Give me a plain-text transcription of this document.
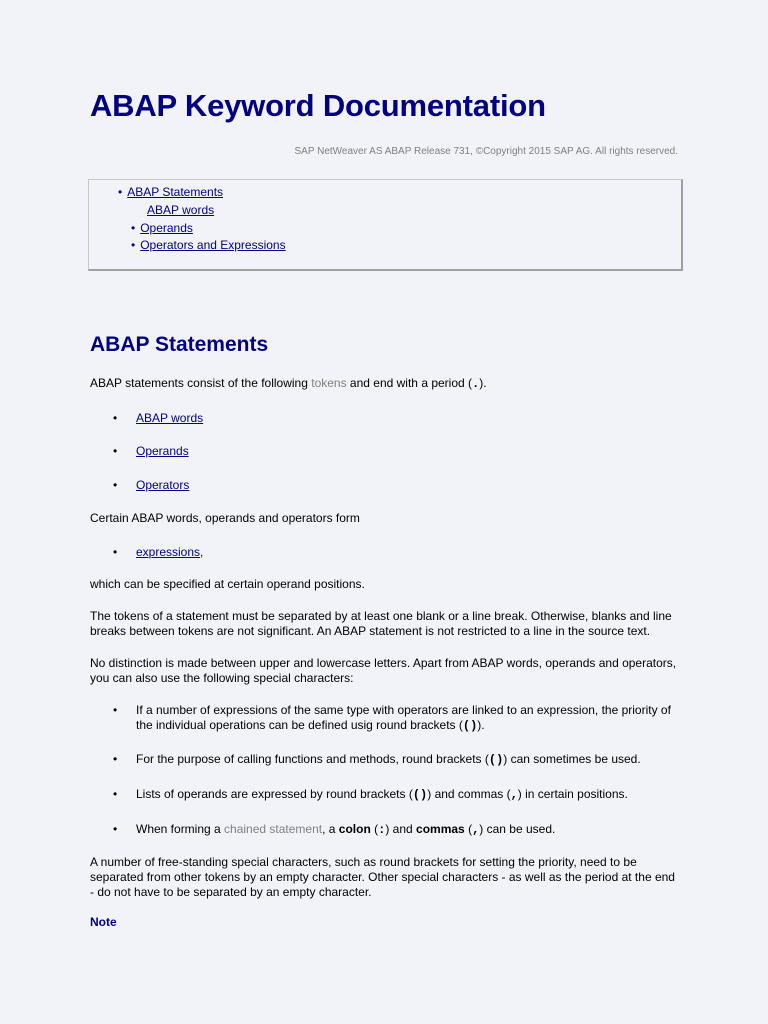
ABAP Keyword Documentation
SAP NetWeaver AS ABAP Release 731, ©Copyright 2015 SAP AG. All rights reserved.
• ABAP Statements
ABAP words
• Operands
• Operators and Expressions
ABAP Statements

ABAP statements consist of the following tokens and end with a period (.).

• ABAP words
• Operands
• Operators

Certain ABAP words, operands and operators form

• expressions,

which can be specified at certain operand positions.

The tokens of a statement must be separated by at least one blank or a line break. Otherwise, blanks and line breaks between tokens are not significant. An ABAP statement is not restricted to a line in the source text.

No distinction is made between upper and lowercase letters. Apart from ABAP words, operands and operators, you can also use the following special characters:

• If a number of expressions of the same type with operators are linked to an expression, the priority of the individual operations can be defined usig round brackets (()).
• For the purpose of calling functions and methods, round brackets (()) can sometimes be used.
• Lists of operands are expressed by round brackets (()) and commas (,) in certain positions.
• When forming a chained statement, a colon (:) and commas (,) can be used.

A number of free-standing special characters, such as round brackets for setting the priority, need to be separated from other tokens by an empty character. Other special characters - as well as the period at the end - do not have to be separated by an empty character.

Note
